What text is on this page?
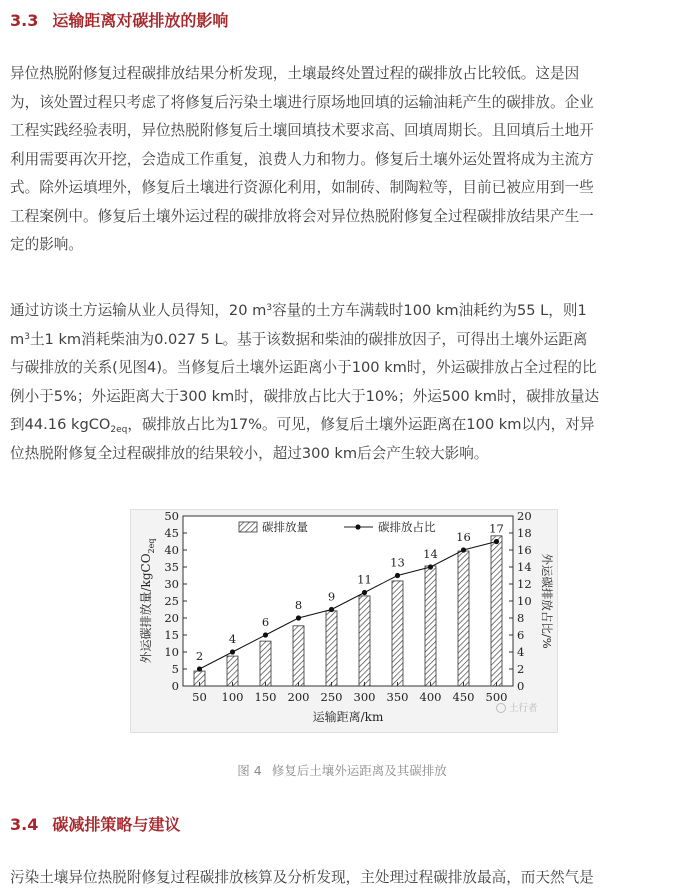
3.3 运输距离对碳排放的影响
异位热脱附修复过程碳排放结果分析发现，土壤最终处置过程的碳排放占比较低。这是因
为，该处置过程只考虑了将修复后污染土壤进行原场地回填的运输油耗产生的碳排放。企业
工程实践经验表明，异位热脱附修复后土壤回填技术要求高、回填周期长。且回填后土地开
利用需要再次开挖，会造成工作重复，浪费人力和物力。修复后土壤外运处置将成为主流方
式。除外运填埋外，修复后土壤进行资源化利用，如制砖、制陶粒等，目前已被应用到一些
工程案例中。修复后土壤外运过程的碳排放将会对异位热脱附修复全过程碳排放结果产生一
定的影响。
通过访谈土方运输从业人员得知，20 $m^3$容量的土方车满载时100 km油耗约为55 L，则1
$m^3$土1 km消耗柴油为0.027 5 L。基于该数据和柴油的碳排放因子，可得出土壤外运距离
与碳排放的关系(见图4)。当修复后土壤外运距离小于100 km时，外运碳排放占全过程的比
例小于5%；外运距离大于300 km时，碳排放占比大于10%；外运500 km时，碳排放量达
到44.16 kgCO$_{2eq}$，碳排放占比为17%。可见，修复后土壤外运距离在100 km以内，对异
位热脱附修复全过程碳排放的结果较小，超过300 km后会产生较大影响。
0
5
10
15
20
25
30
35
40
45
50
0
2
4
6
8
10
12
14
16
18
20
2
4
6
8
9
11
13
14
16
17
50 100 150 200 250 300 350 400 450 500
碳排放量	碳排放占比
外运碳排放量/kgCO$_{2eq}$
外运碳排放占比/%
运输距离/km
土行者
图 4 修复后土壤外运距离及其碳排放
3.4 碳减排策略与建议
污染土壤异位热脱附修复过程碳排放核算及分析发现，主处理过程碳排放最高，而天然气是
